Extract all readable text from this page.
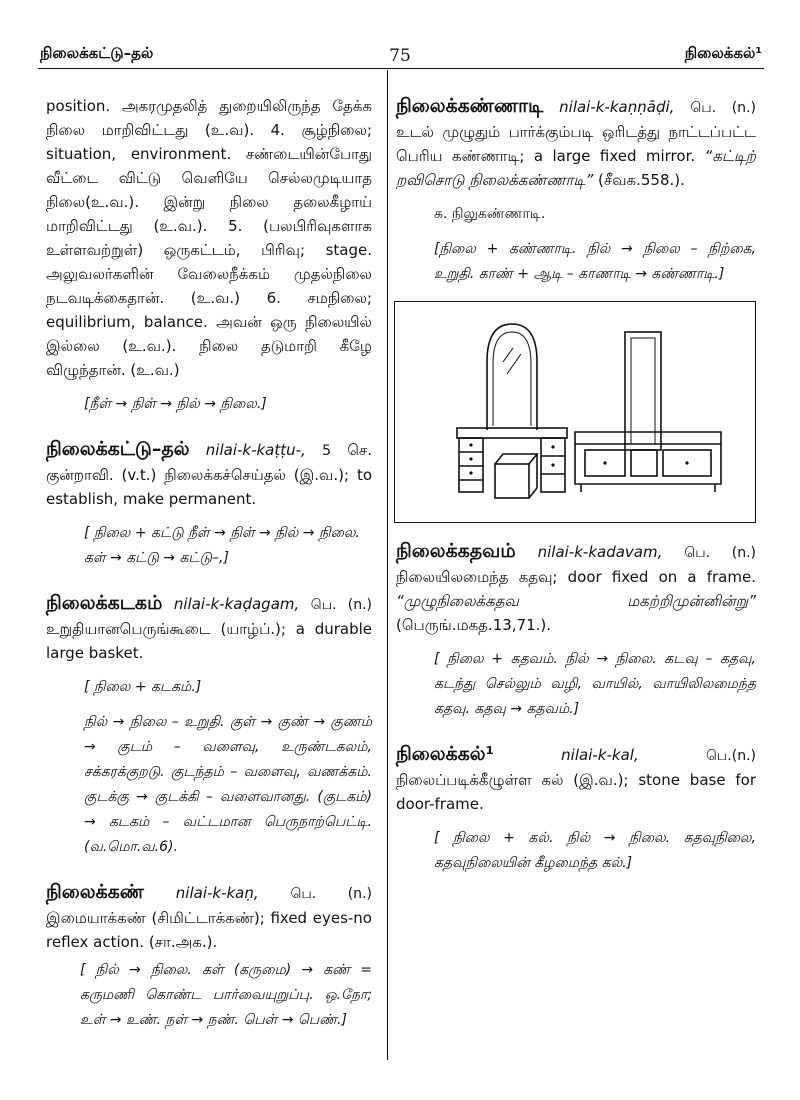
நிலைக்கட்டு–தல்	75	நிலைக்கல்¹

position. அகரமுதலித் துறையிலிருந்த தேக்க நிலை மாறிவிட்டது (உ.வ). 4. சூழ்நிலை; situation, environment. சண்டையின்போது வீட்டை விட்டு வெளியே செல்லமுடியாத நிலை(உ.வ.). இன்று நிலை தலைகீழாய் மாறிவிட்டது (உ.வ.). 5. (பலபிரிவுகளாக உள்ளவற்றுள்) ஒருகட்டம், பிரிவு; stage. அலுவலர்களின் வேலைநீக்கம் முதல்நிலை நடவடிக்கைதான். (உ.வ.) 6. சமநிலை; equilibrium, balance. அவன் ஒரு நிலையில் இல்லை (உ.வ.). நிலை தடுமாறி கீழே விழுந்தான். (உ.வ.)

[நீள் → நிள் → நில் → நிலை.]

நிலைக்கட்டு–தல் nilai-k-kaṭṭu-, 5 செ. குன்றாவி. (v.t.) நிலைக்கச்செய்தல் (இ.வ.); to establish, make permanent.

[ நிலை + கட்டு நீள் → நிள் → நில் → நிலை. கள் → கட்டு → கட்டு–,]

நிலைக்கடகம் nilai-k-kaḍagam, பெ. (n.) உறுதியானபெருங்கூடை (யாழ்ப்.); a durable large basket.

[ நிலை + கடகம்.]

நில் → நிலை – உறுதி. குள் → குண் → குணம் → குடம் – வளைவு, உருண்டகலம், சக்கரக்குறடு. குடந்தம் – வளைவு, வணக்கம். குடக்கு → குடக்கி – வளைவானது. (குடகம்) → கடகம் – வட்டமான பெருநாற்பெட்டி. (வ.மொ.வ.6).

நிலைக்கண் nilai-k-kaṇ, பெ. (n.) இமையாக்கண் (சிமிட்டாக்கண்); fixed eyes-no reflex action. (சா.அக.).

[ நில் → நிலை. கள் (கருமை) → கண் = கருமணி கொண்ட பார்வையுறுப்பு. ஒ.நோ; உள் → உண். நள் → நண். பெள் → பெண்.]

நிலைக்கண்ணாடி nilai-k-kaṇṇāḍi, பெ. (n.) உடல் முழுதும் பார்க்கும்படி ஒரிடத்து நாட்டப்பட்ட பெரிய கண்ணாடி; a large fixed mirror. “கட்டிற் றவிசொடு நிலைக்கண்ணாடி” (சீவக.558.).

க. நிலுகண்ணாடி.

[நிலை + கண்ணாடி. நில் → நிலை – நிற்கை, உறுதி. காண் + ஆடி – காணாடி → கண்ணாடி.]

நிலைக்கதவம் nilai-k-kadavam, பெ. (n.) நிலையிலமைந்த கதவு; door fixed on a frame. “முழுநிலைக்கதவ மகற்றிமுன்னின்று” (பெருங்.மகத.13,71.).

[ நிலை + கதவம். நில் → நிலை. கடவு – கதவு, கடந்து செல்லும் வழி, வாயில், வாயிலிலமைந்த கதவு. கதவு → கதவம்.]

நிலைக்கல்¹	nilai-k-kal,	பெ.(n.) நிலைப்படிக்கீழுள்ள கல் (இ.வ.); stone base for door-frame.

[ நிலை + கல். நில் → நிலை. கதவுநிலை, கதவுநிலையின் கீழமைந்த கல்.]
